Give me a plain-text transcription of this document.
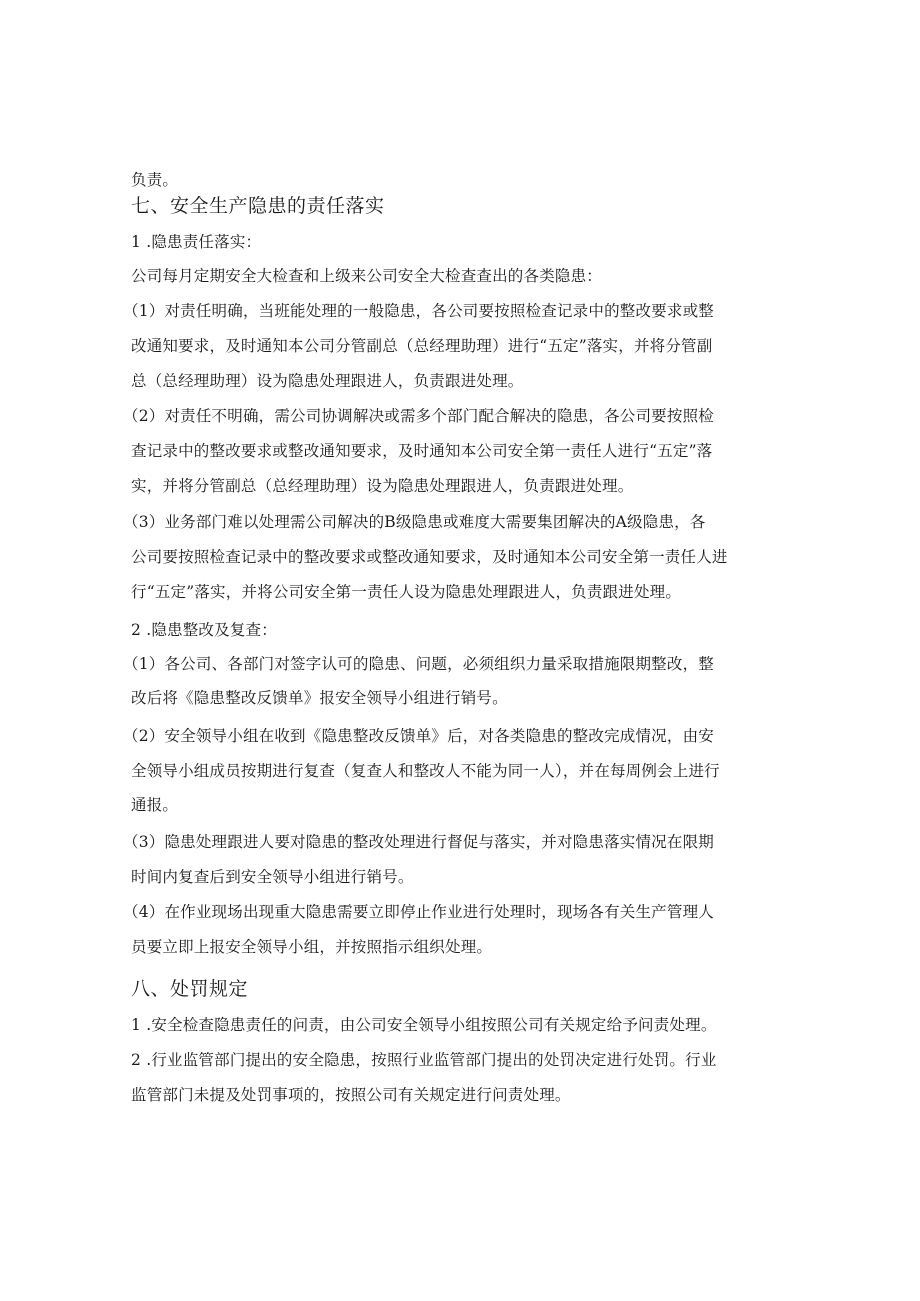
负责。
七、安全生产隐患的责任落实
1 .隐患责任落实：
公司每月定期安全大检查和上级来公司安全大检查查出的各类隐患：
（1）对责任明确，当班能处理的一般隐患，各公司要按照检查记录中的整改要求或整
改通知要求，及时通知本公司分管副总（总经理助理）进行“五定”落实，并将分管副
总（总经理助理）设为隐患处理跟进人，负责跟进处理。
（2）对责任不明确，需公司协调解决或需多个部门配合解决的隐患，各公司要按照检
查记录中的整改要求或整改通知要求，及时通知本公司安全第一责任人进行“五定”落
实，并将分管副总（总经理助理）设为隐患处理跟进人，负责跟进处理。
（3）业务部门难以处理需公司解决的B级隐患或难度大需要集团解决的A级隐患，各
公司要按照检查记录中的整改要求或整改通知要求，及时通知本公司安全第一责任人进
行“五定”落实，并将公司安全第一责任人设为隐患处理跟进人，负责跟进处理。
2 .隐患整改及复查：
（1）各公司、各部门对签字认可的隐患、问题，必须组织力量采取措施限期整改，整
改后将《隐患整改反馈单》报安全领导小组进行销号。
（2）安全领导小组在收到《隐患整改反馈单》后，对各类隐患的整改完成情况，由安
全领导小组成员按期进行复查（复查人和整改人不能为同一人），并在每周例会上进行
通报。
（3）隐患处理跟进人要对隐患的整改处理进行督促与落实，并对隐患落实情况在限期
时间内复查后到安全领导小组进行销号。
（4）在作业现场出现重大隐患需要立即停止作业进行处理时，现场各有关生产管理人
员要立即上报安全领导小组，并按照指示组织处理。
八、处罚规定
1 .安全检查隐患责任的问责，由公司安全领导小组按照公司有关规定给予问责处理。
2 .行业监管部门提出的安全隐患，按照行业监管部门提出的处罚决定进行处罚。行业
监管部门未提及处罚事项的，按照公司有关规定进行问责处理。
